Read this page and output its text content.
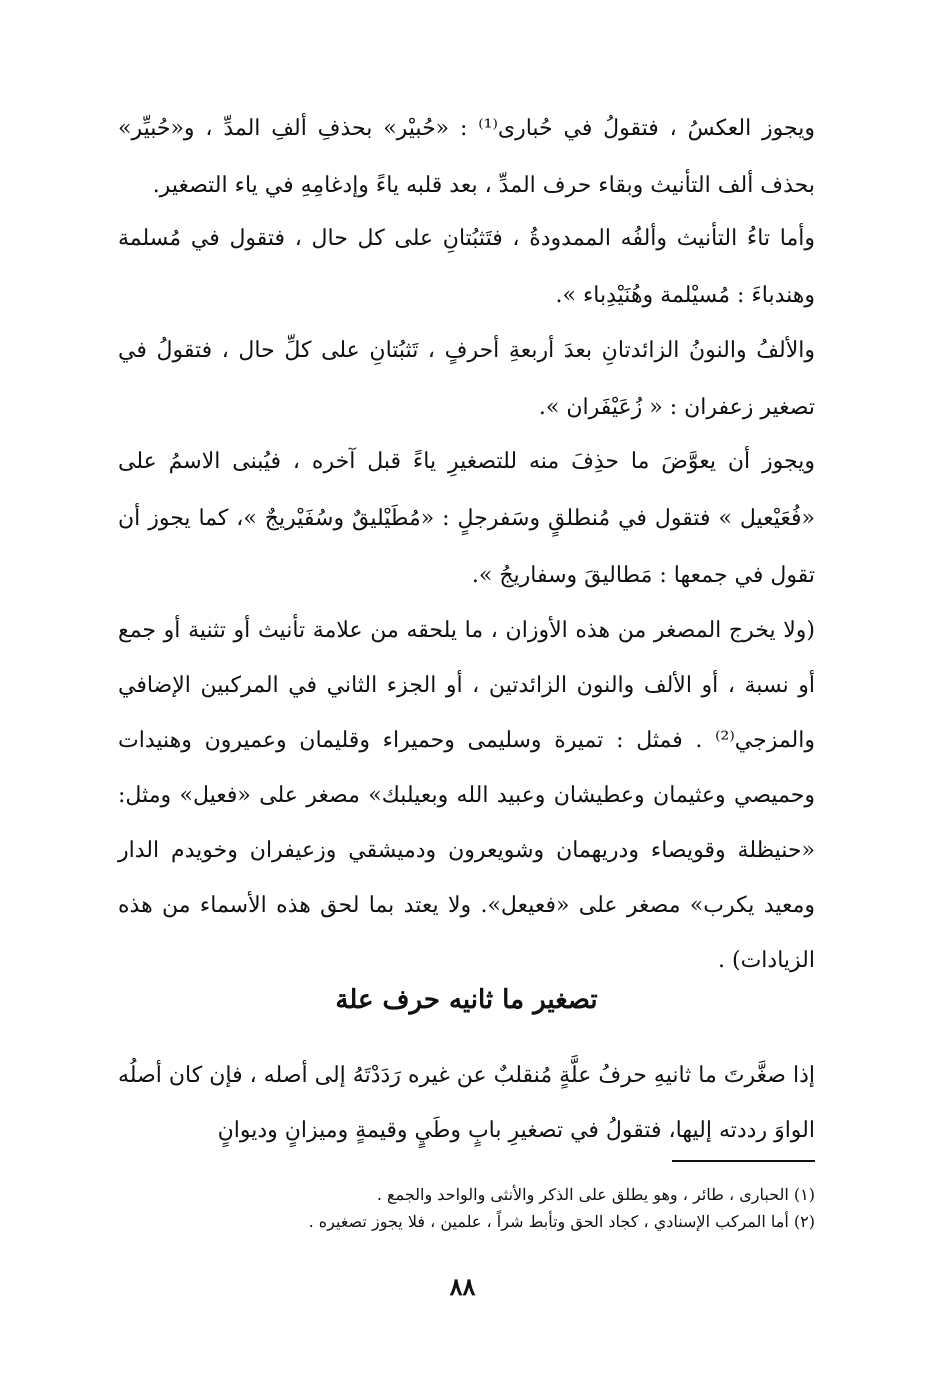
ويجوز العكسُ ، فتقولُ في حُبارى⁽¹⁾ : «حُبيْر» بحذفِ ألفِ المدِّ ، و«حُبيِّر» بحذف ألف التأنيث وبقاء حرف المدِّ ، بعد قلبه ياءً وإدغامِهِ في ياء التصغير.

وأما تاءُ التأنيث وألفُه الممدودةُ ، فتَثبُتانِ على كل حال ، فتقول في مُسلمة وهندباءَ : مُسيْلمة وهُنَيْدِباء ».

والألفُ والنونُ الزائدتانِ بعدَ أربعةِ أحرفٍ ، تَثبُتانِ على كلِّ حال ، فتقولُ في تصغير زعفران : « زُعَيْفَران ».

ويجوز أن يعوَّضَ ما حذِفَ منه للتصغيرِ ياءً قبل آخره ، فيُبنى الاسمُ على «فُعَيْعيل » فتقول في مُنطلقٍ وسَفرجلٍ : «مُطَيْليقٌ وسُفَيْريجٌ »، كما يجوز أن تقول في جمعها : مَطاليقَ وسفاريجُ ».

(ولا يخرج المصغر من هذه الأوزان ، ما يلحقه من علامة تأنيث أو تثنية أو جمع أو نسبة ، أو الألف والنون الزائدتين ، أو الجزء الثاني في المركبين الإضافي والمزجي⁽²⁾ . فمثل : تميرة وسليمى وحميراء وقليمان وعميرون وهنيدات وحميصي وعثيمان وعطيشان وعبيد الله وبعيلبك» مصغر على «فعيل» ومثل: «حنيظلة وقويصاء ودريهمان وشويعرون ودميشقي وزعيفران وخويدم الدار ومعيد يكرب» مصغر على «فعيعل». ولا يعتد بما لحق هذه الأسماء من هذه الزيادات) .

تصغير ما ثانيه حرف علة

إذا صغَّرتَ ما ثانيهِ حرفُ علَّةٍ مُنقلبٌ عن غيره رَدَدْتَهُ إلى أصله ، فإن كان أصلُه الواوَ رددته إليها، فتقولُ في تصغيرِ بابٍ وطَيٍ وقيمةٍ وميزانٍ وديوانٍ

(١) الحبارى ، طائر ، وهو يطلق على الذكر والأنثى والواحد والجمع .

(٢) أما المركب الإسنادي ، كجاد الحق وتأبط شراً ، علمين ، فلا يجوز تصغيره .

٨٨
